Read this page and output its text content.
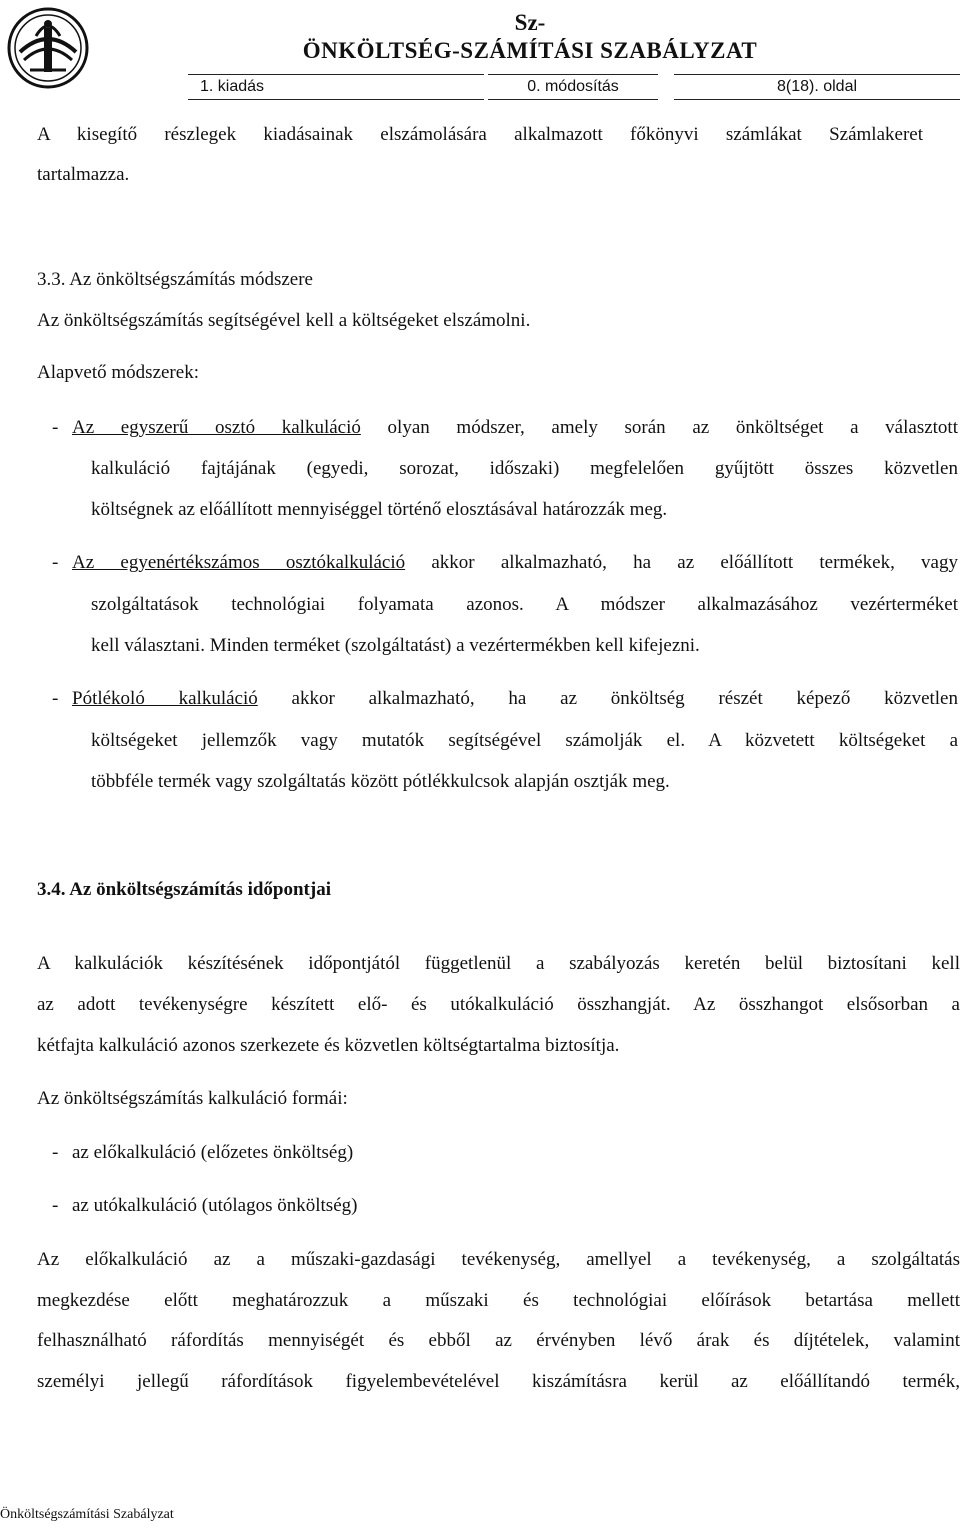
Sz-
ÖNKÖLTSÉG-SZÁMÍTÁSI SZABÁLYZAT
1. kiadás	0. módosítás	8(18). oldal
A kisegítő részlegek kiadásainak elszámolására alkalmazott főkönyvi számlákat Számlakeret
tartalmazza.
3.3. Az önköltségszámítás módszere
Az önköltségszámítás segítségével kell a költségeket elszámolni.
Alapvető módszerek:
- Az egyszerű osztó kalkuláció olyan módszer, amely során az önköltséget a választott
kalkuláció fajtájának (egyedi, sorozat, időszaki) megfelelően gyűjtött összes közvetlen
költségnek az előállított mennyiséggel történő elosztásával határozzák meg.
- Az egyenértékszámos osztókalkuláció akkor alkalmazható, ha az előállított termékek, vagy
szolgáltatások technológiai folyamata azonos. A módszer alkalmazásához vezérterméket
kell választani. Minden terméket (szolgáltatást) a vezértermékben kell kifejezni.
- Pótlékoló kalkuláció akkor alkalmazható, ha az önköltség részét képező közvetlen
költségeket jellemzők vagy mutatók segítségével számolják el. A közvetett költségeket a
többféle termék vagy szolgáltatás között pótlékkulcsok alapján osztják meg.
3.4. Az önköltségszámítás időpontjai
A kalkulációk készítésének időpontjától függetlenül a szabályozás keretén belül biztosítani kell
az adott tevékenységre készített elő- és utókalkuláció összhangját. Az összhangot elsősorban a
kétfajta kalkuláció azonos szerkezete és közvetlen költségtartalma biztosítja.
Az önköltségszámítás kalkuláció formái:
- az előkalkuláció (előzetes önköltség)
- az utókalkuláció (utólagos önköltség)
Az előkalkuláció az a műszaki-gazdasági tevékenység, amellyel a tevékenység, a szolgáltatás
megkezdése előtt meghatározzuk a műszaki és technológiai előírások betartása mellett
felhasználható ráfordítás mennyiségét és ebből az érvényben lévő árak és díjtételek, valamint
személyi jellegű ráfordítások figyelembevételével kiszámításra kerül az előállítandó termék,
Önköltségszámítási Szabályzat
